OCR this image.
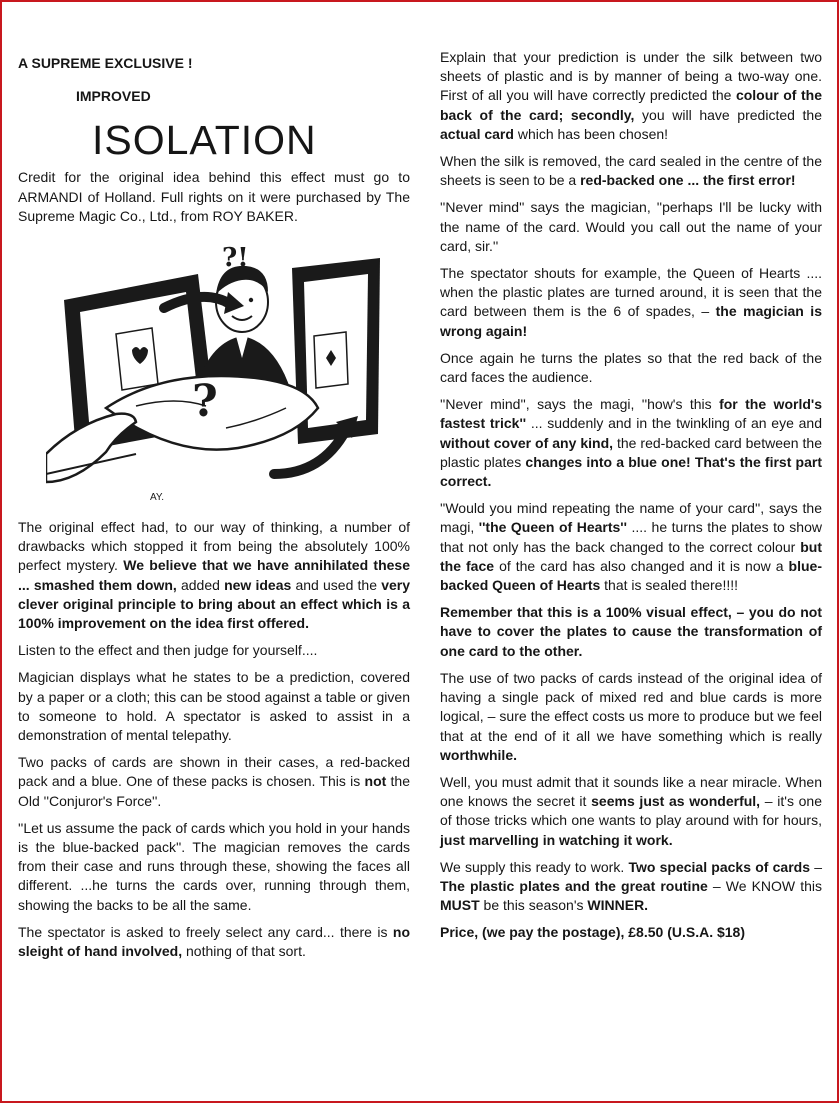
A SUPREME EXCLUSIVE !
IMPROVED
ISOLATION

Credit for the original idea behind this effect must go to ARMANDI of Holland. Full rights on it were purchased by The Supreme Magic Co., Ltd., from ROY BAKER.

?!
?
AY.

The original effect had, to our way of thinking, a number of drawbacks which stopped it from being the absolutely 100% perfect mystery. We believe that we have annihilated these ... smashed them down, added new ideas and used the very clever original principle to bring about an effect which is a 100% improvement on the idea first offered.

Listen to the effect and then judge for yourself....

Magician displays what he states to be a prediction, covered by a paper or a cloth; this can be stood against a table or given to someone to hold. A spectator is asked to assist in a demonstration of mental telepathy.

Two packs of cards are shown in their cases, a red-backed pack and a blue. One of these packs is chosen. This is not the Old ''Conjuror's Force''.

''Let us assume the pack of cards which you hold in your hands is the blue-backed pack''. The magician removes the cards from their case and runs through these, showing the faces all different. ...he turns the cards over, running through them, showing the backs to be all the same.

The spectator is asked to freely select any card... there is no sleight of hand involved, nothing of that sort.

Explain that your prediction is under the silk between two sheets of plastic and is by manner of being a two-way one. First of all you will have correctly predicted the colour of the back of the card; secondly, you will have predicted the actual card which has been chosen!

When the silk is removed, the card sealed in the centre of the sheets is seen to be a red-backed one ... the first error!

''Never mind'' says the magician, ''perhaps I'll be lucky with the name of the card. Would you call out the name of your card, sir.''

The spectator shouts for example, the Queen of Hearts .... when the plastic plates are turned around, it is seen that the card between them is the 6 of spades, – the magician is wrong again!

Once again he turns the plates so that the red back of the card faces the audience.

''Never mind'', says the magi, ''how's this for the world's fastest trick'' ... suddenly and in the twinkling of an eye and without cover of any kind, the red-backed card between the plastic plates changes into a blue one! That's the first part correct.

''Would you mind repeating the name of your card'', says the magi, ''the Queen of Hearts'' .... he turns the plates to show that not only has the back changed to the correct colour but the face of the card has also changed and it is now a blue-backed Queen of Hearts that is sealed there!!!!

Remember that this is a 100% visual effect, – you do not have to cover the plates to cause the transformation of one card to the other.

The use of two packs of cards instead of the original idea of having a single pack of mixed red and blue cards is more logical, – sure the effect costs us more to produce but we feel that at the end of it all we have something which is really worthwhile.

Well, you must admit that it sounds like a near miracle. When one knows the secret it seems just as wonderful, – it's one of those tricks which one wants to play around with for hours, just marvelling in watching it work.

We supply this ready to work. Two special packs of cards – The plastic plates and the great routine – We KNOW this MUST be this season's WINNER.

Price, (we pay the postage), £8.50 (U.S.A. $18)
